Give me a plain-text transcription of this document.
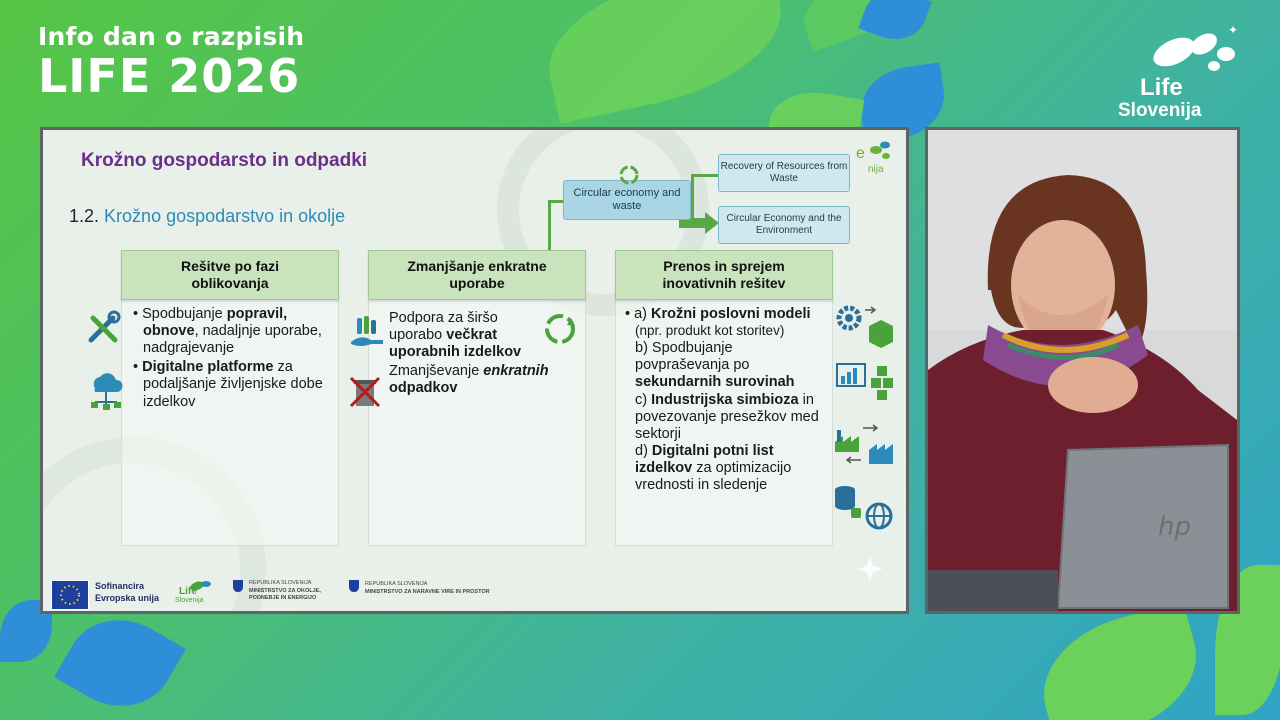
Info dan o razpisih
LIFE 2026
✦
Life
Slovenija
Krožno gospodarsto in odpadki
1.2. Krožno gospodarstvo in okolje
e
nija
Circular economy and waste
Recovery of Resources from Waste
Circular Economy and the Environment
Rešitve po fazi oblikovanja
Zmanjšanje enkratne uporabe
Prenos in sprejem inovativnih rešitev
• Spodbujanje popravil, obnove, nadaljnje uporabe, nadgrajevanje
• Digitalne platforme za podaljšanje življenjske dobe izdelkov
Podpora za širšo uporabo večkrat uporabnih izdelkov
Zmanjševanje enkratnih odpadkov
• a) Krožni poslovni modeli (npr. produkt kot storitev)
b) Spodbujanje povpraševanja po sekundarnih surovinah
c) Industrijska simbioza in povezovanje presežkov med sektorji
d) Digitalni potni list izdelkov za optimizacijo vrednosti in sledenje
Sofinancira
Evropska unija
Life
Slovenija
REPUBLIKA SLOVENIJA
MINISTRSTVO ZA OKOLJE,
PODNEBJE IN ENERGIJO
REPUBLIKA SLOVENIJA
MINISTRSTVO ZA NARAVNE VIRE IN PROSTOR
hp
